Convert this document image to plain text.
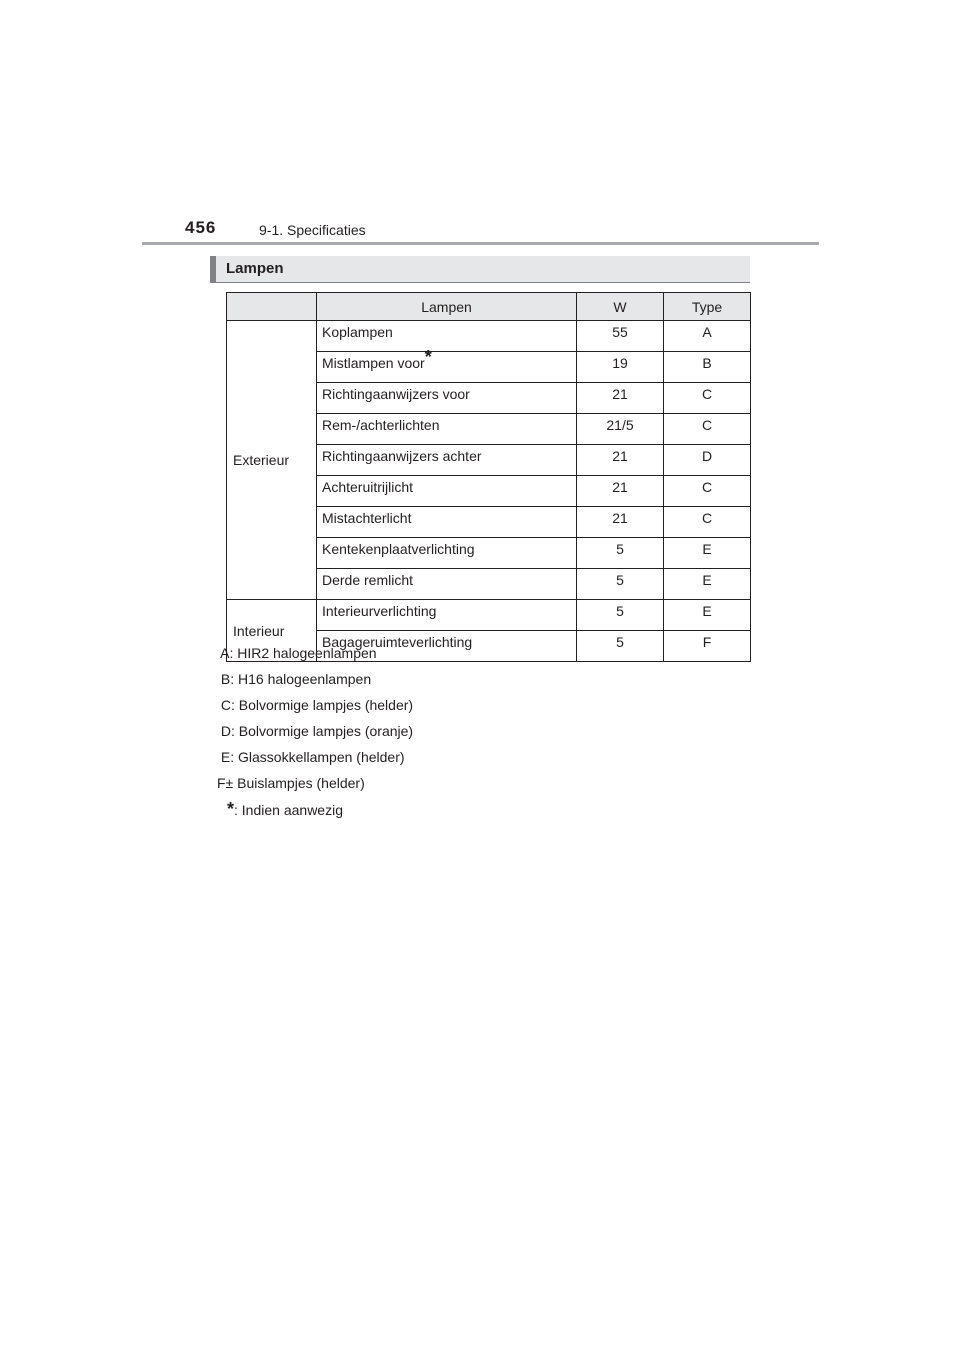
456	9-1. Specificaties
Lampen
	Lampen	W	Type
Exterieur	Koplampen	55	A
	Mistlampen voor*	19	B
	Richtingaanwijzers voor	21	C
	Rem-/achterlichten	21/5	C
	Richtingaanwijzers achter	21	D
	Achteruitrijlicht	21	C
	Mistachterlicht	21	C
	Kentekenplaatverlichting	5	E
	Derde remlicht	5	E
Interieur	Interieurverlichting	5	E
	Bagageruimteverlichting	5	F
A: HIR2 halogeenlampen
B: H16 halogeenlampen
C: Bolvormige lampjes (helder)
D: Bolvormige lampjes (oranje)
E: Glassokkellampen (helder)
F± Buislampjes (helder)
*: Indien aanwezig
